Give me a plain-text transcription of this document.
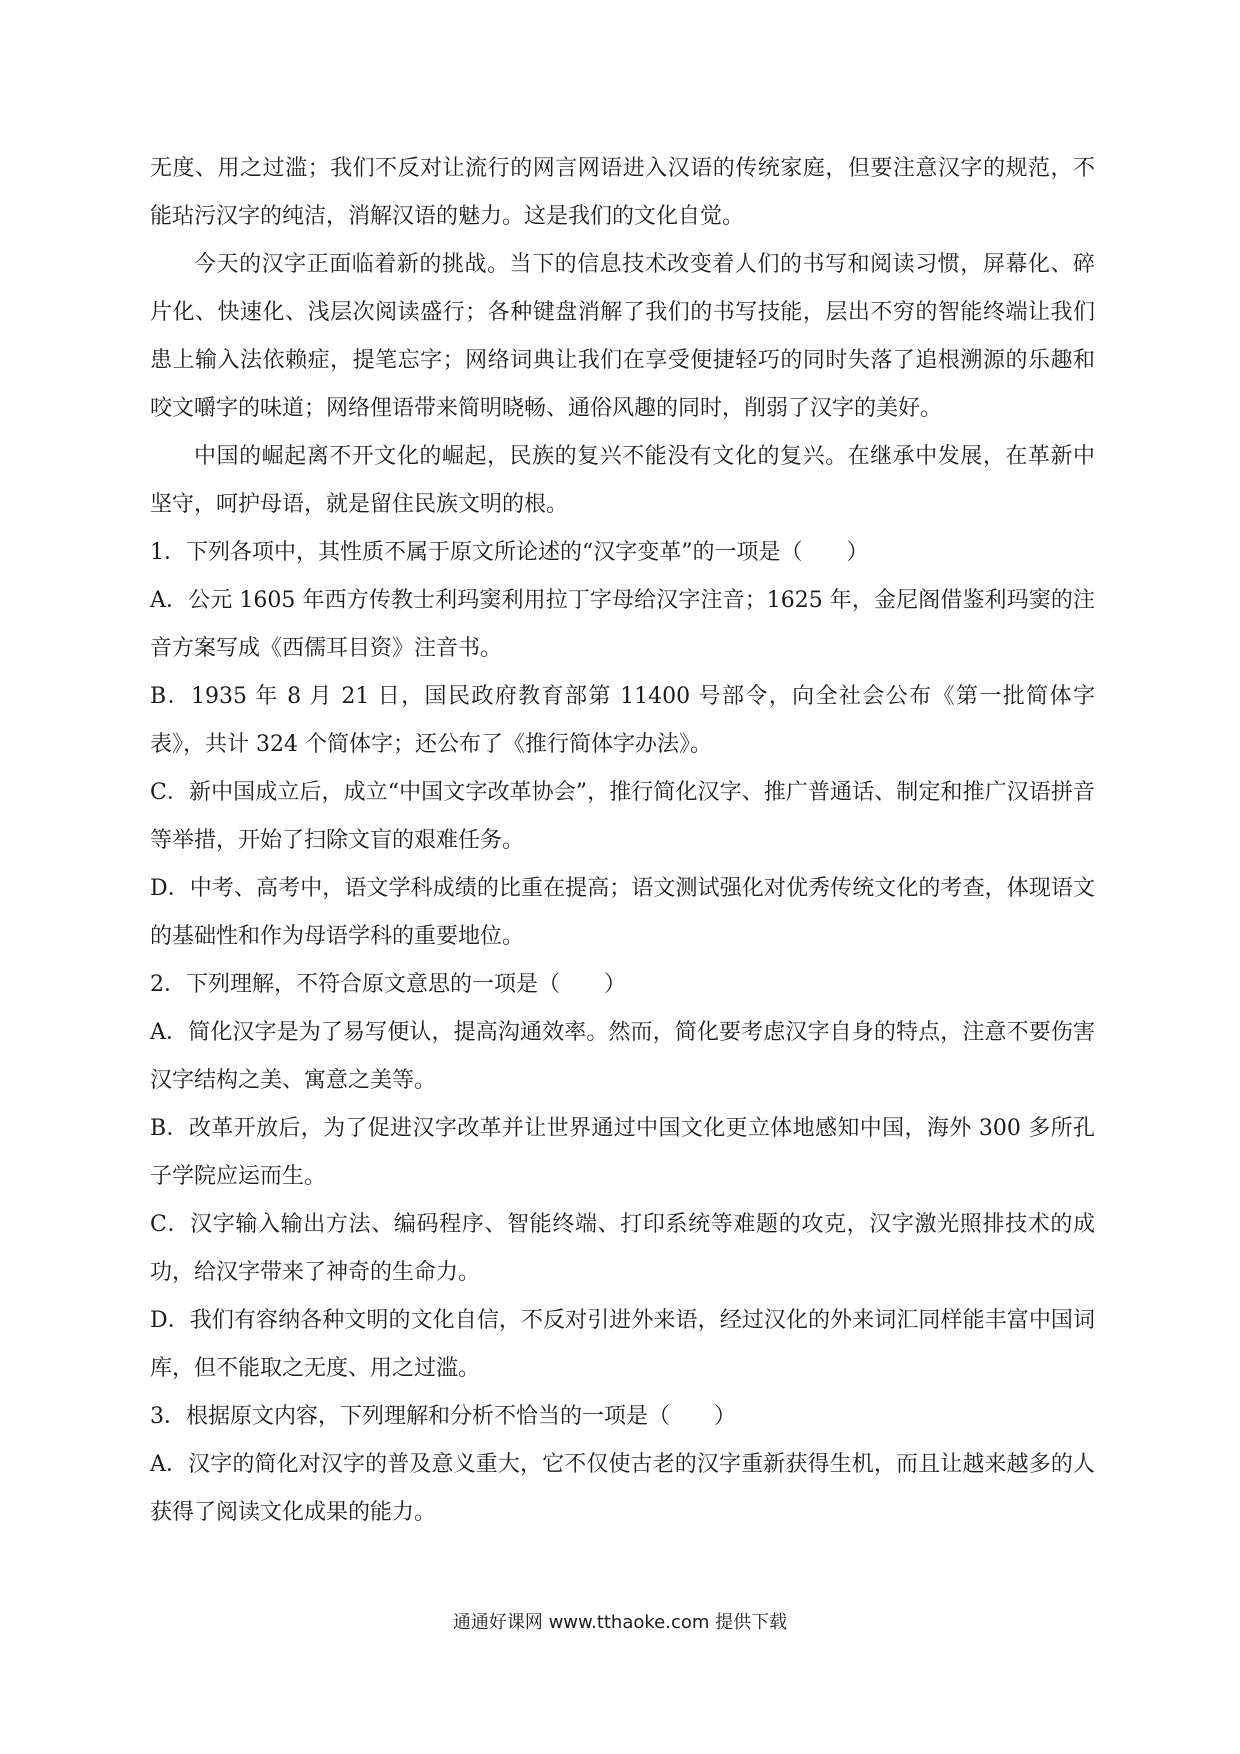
无度、用之过滥；我们不反对让流行的网言网语进入汉语的传统家庭，但要注意汉字的规范，不能玷污汉字的纯洁，消解汉语的魅力。这是我们的文化自觉。

今天的汉字正面临着新的挑战。当下的信息技术改变着人们的书写和阅读习惯，屏幕化、碎片化、快速化、浅层次阅读盛行；各种键盘消解了我们的书写技能，层出不穷的智能终端让我们患上输入法依赖症，提笔忘字；网络词典让我们在享受便捷轻巧的同时失落了追根溯源的乐趣和咬文嚼字的味道；网络俚语带来简明晓畅、通俗风趣的同时，削弱了汉字的美好。

中国的崛起离不开文化的崛起，民族的复兴不能没有文化的复兴。在继承中发展，在革新中坚守，呵护母语，就是留住民族文明的根。

1．下列各项中，其性质不属于原文所论述的“汉字变革”的一项是（　　）

A．公元 1605 年西方传教士利玛窦利用拉丁字母给汉字注音；1625 年，金尼阁借鉴利玛窦的注音方案写成《西儒耳目资》注音书。

B．1935 年 8 月 21 日，国民政府教育部第 11400 号部令，向全社会公布《第一批简体字表》，共计 324 个简体字；还公布了《推行简体字办法》。

C．新中国成立后，成立“中国文字改革协会”，推行简化汉字、推广普通话、制定和推广汉语拼音等举措，开始了扫除文盲的艰难任务。

D．中考、高考中，语文学科成绩的比重在提高；语文测试强化对优秀传统文化的考查，体现语文的基础性和作为母语学科的重要地位。

2．下列理解，不符合原文意思的一项是（　　）

A．简化汉字是为了易写便认，提高沟通效率。然而，简化要考虑汉字自身的特点，注意不要伤害汉字结构之美、寓意之美等。

B．改革开放后，为了促进汉字改革并让世界通过中国文化更立体地感知中国，海外 300 多所孔子学院应运而生。

C．汉字输入输出方法、编码程序、智能终端、打印系统等难题的攻克，汉字激光照排技术的成功，给汉字带来了神奇的生命力。

D．我们有容纳各种文明的文化自信，不反对引进外来语，经过汉化的外来词汇同样能丰富中国词库，但不能取之无度、用之过滥。

3．根据原文内容，下列理解和分析不恰当的一项是（　　）

A．汉字的简化对汉字的普及意义重大，它不仅使古老的汉字重新获得生机，而且让越来越多的人获得了阅读文化成果的能力。

通通好课网 www.tthaoke.com 提供下载
